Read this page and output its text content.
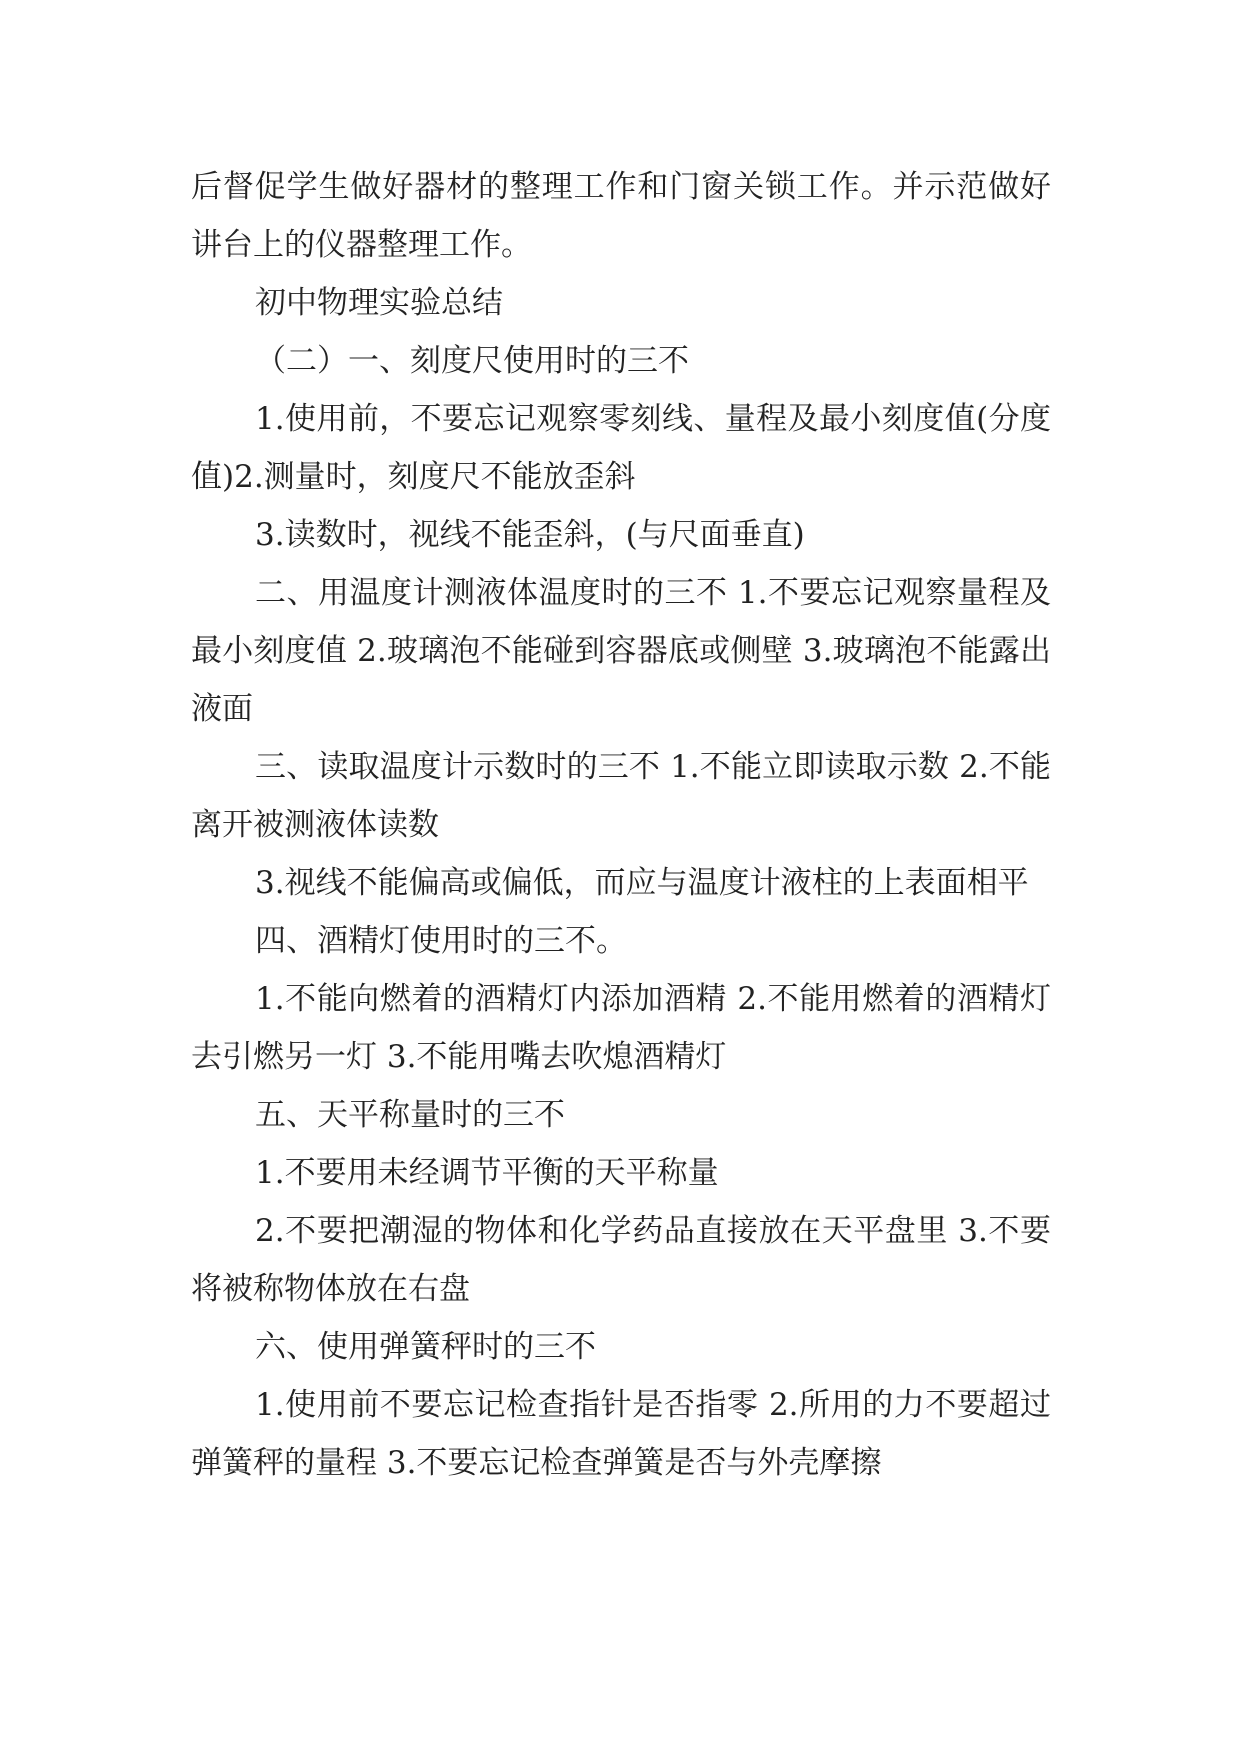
后督促学生做好器材的整理工作和门窗关锁工作。并示范做好讲台上的仪器整理工作。

初中物理实验总结

（二）一、刻度尺使用时的三不

1.使用前，不要忘记观察零刻线、量程及最小刻度值(分度值)2.测量时，刻度尺不能放歪斜

3.读数时，视线不能歪斜，(与尺面垂直)

二、用温度计测液体温度时的三不 1.不要忘记观察量程及最小刻度值 2.玻璃泡不能碰到容器底或侧壁 3.玻璃泡不能露出液面

三、读取温度计示数时的三不 1.不能立即读取示数 2.不能离开被测液体读数

3.视线不能偏高或偏低，而应与温度计液柱的上表面相平

四、酒精灯使用时的三不。

1.不能向燃着的酒精灯内添加酒精 2.不能用燃着的酒精灯去引燃另一灯 3.不能用嘴去吹熄酒精灯

五、天平称量时的三不

1.不要用未经调节平衡的天平称量

2.不要把潮湿的物体和化学药品直接放在天平盘里 3.不要将被称物体放在右盘

六、使用弹簧秤时的三不

1.使用前不要忘记检查指针是否指零 2.所用的力不要超过弹簧秤的量程 3.不要忘记检查弹簧是否与外壳摩擦
